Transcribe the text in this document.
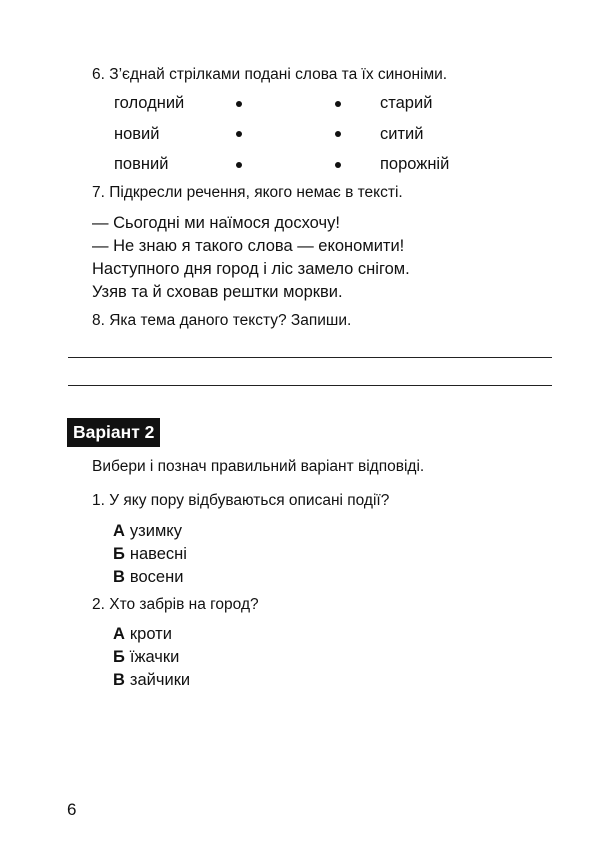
6. З’єднай стрілками подані слова та їх синоніми.
голодний
новий
повний
старий
ситий
порожній
7. Підкресли речення, якого немає в тексті.
— Сьогодні ми наїмося досхочу!
— Не знаю я такого слова — економити!
Наступного дня город і ліс замело снігом.
Узяв та й сховав рештки моркви.
8. Яка тема даного тексту? Запиши.
Варіант 2
Вибери і познач правильний варіант відповіді.
1. У яку пору відбуваються описані події?
А узимку
Б навесні
В восени
2. Хто забрів на город?
А кроти
Б їжачки
В зайчики
6
